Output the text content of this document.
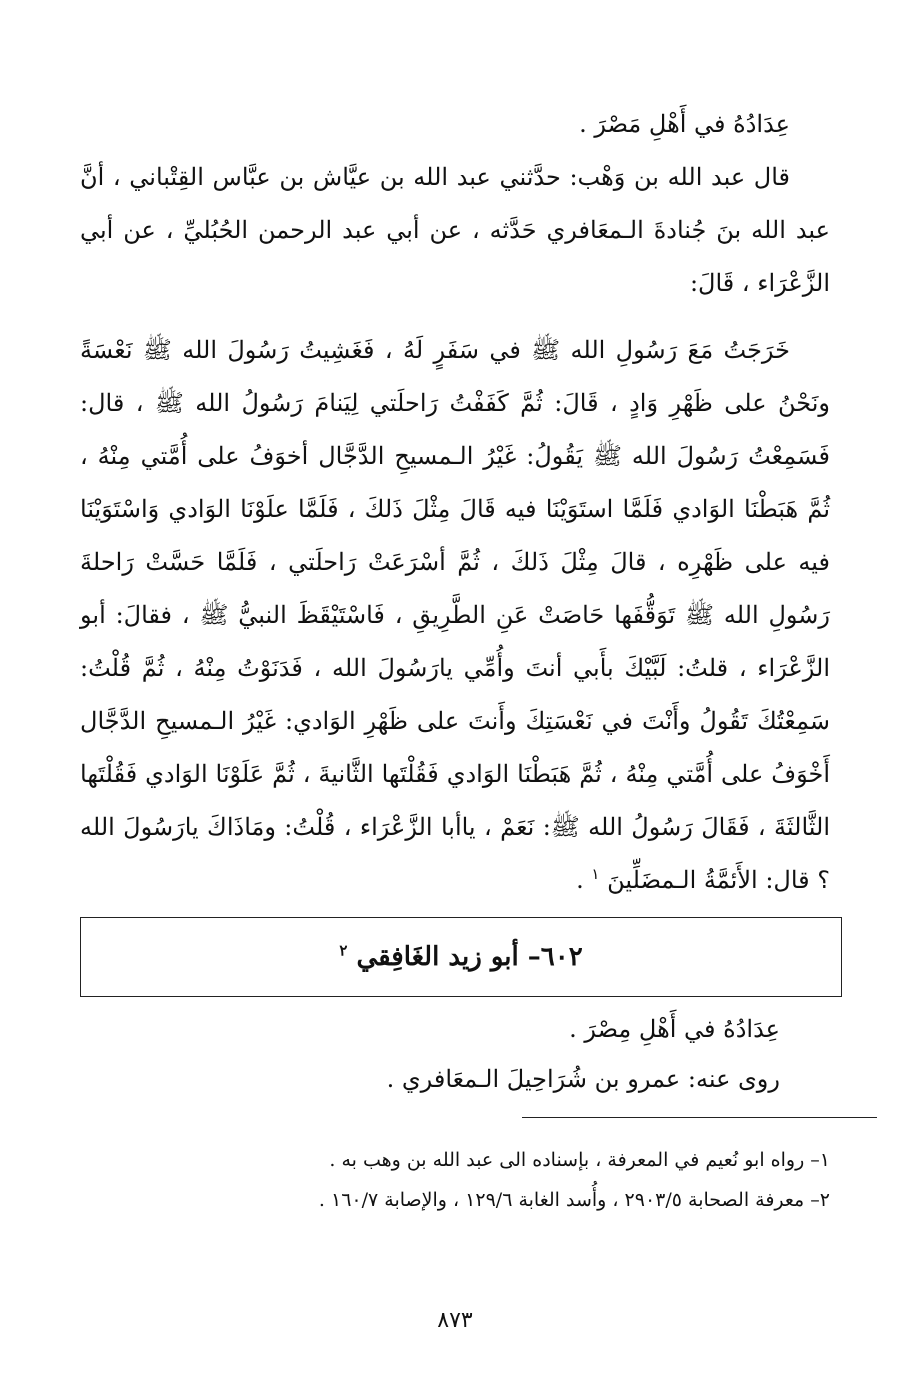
عِدَادُهُ في أَهْلِ مَصْرَ .

قال عبد الله بن وَهْب: حدَّثني عبد الله بن عيَّاش بن عبَّاس القِتْباني ، أنَّ عبد الله بنَ جُنادةَ الـمعَافري حَدَّثه ، عن أبي عبد الرحمن الحُبُليِّ ، عن أبي الزَّعْرَاء ، قَالَ:

خَرَجَتُ مَعَ رَسُولِ الله ﷺ في سَفَرٍ لَهُ ، فَغَشِيتُ رَسُولَ الله ﷺ نَعْسَةً ونَحْنُ على ظَهْرِ وَادٍ ، قَالَ: ثُمَّ كَفَفْتُ رَاحلَتي لِيَنامَ رَسُولُ الله ﷺ ، قال: فَسَمِعْتُ رَسُولَ الله ﷺ يَقُولُ: غَيْرُ الـمسيحِ الدَّجَّال أخوَفُ على أُمَّتي مِنْهُ ، ثُمَّ هَبَطْنَا الوَادي فَلَمَّا استَوَيْنَا فيه قَالَ مِثْلَ ذَلكَ ، فَلَمَّا علَوْنَا الوَادي وَاسْتَوَيْنَا فيه على ظَهْرِه ، قالَ مِثْلَ ذَلكَ ، ثُمَّ أسْرَعَتْ رَاحلَتي ، فَلَمَّا حَسَّتْ رَاحلةَ رَسُولِ الله ﷺ تَوَقُّفَها حَاصَتْ عَنِ الطَّرِيقِ ، فَاسْتَيْقَظَ النبيُّ ﷺ ، فقالَ: أبو الزَّعْرَاء ، قلتُ: لَبَّيْكَ بأَبي أنتَ وأُمِّي يارَسُولَ الله ، فَدَنَوْتُ مِنْهُ ، ثُمَّ قُلْتُ: سَمِعْتُكَ تَقُولُ وأَنْتَ في نَعْسَتِكَ وأَنتَ على ظَهْرِ الوَادي: غَيْرُ الـمسيحِ الدَّجَّال أَخْوَفُ على أُمَّتي مِنْهُ ، ثُمَّ هَبَطْنَا الوَادي فَقُلْتَها الثَّانيةَ ، ثُمَّ عَلَوْنَا الوَادي فَقُلْتَها الثَّالثَةَ ، فَقَالَ رَسُولُ الله ﷺ: نَعَمْ ، ياأبا الزَّعْرَاء ، قُلْتُ: ومَاذَاكَ يارَسُولَ الله ؟ قال: الأَئمَّةُ الـمضَلِّينَ $^١$ .

٦٠٢– أبو زيد الغَافِقي $^٢$

عِدَادُهُ في أَهْلِ مِصْرَ .

روى عنه: عمرو بن شُرَاحِيلَ الـمعَافري .

١– رواه ابو نُعيم في المعرفة ، بإسناده الى عبد الله بن وهب به .

٢– معرفة الصحابة ٢٩٠٣/٥ ، وأُسد الغابة ١٢٩/٦ ، والإصابة ١٦٠/٧ .

٨٧٣
